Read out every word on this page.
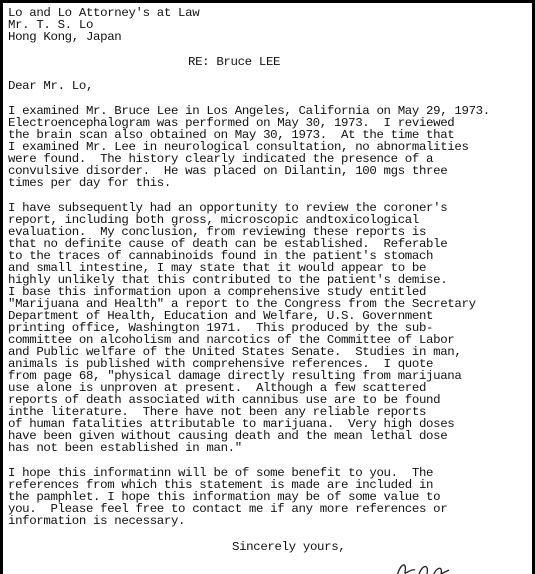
Lo and Lo Attorney's at Law
Mr. T. S. Lo
Hong Kong, Japan
RE: Bruce LEE
Dear Mr. Lo,
I examined Mr. Bruce Lee in Los Angeles, California on May 29, 1973.
Electroencephalogram was performed on May 30, 1973.  I reviewed
the brain scan also obtained on May 30, 1973.  At the time that
I examined Mr. Lee in neurological consultation, no abnormalities
were found.  The history clearly indicated the presence of a
convulsive disorder.  He was placed on Dilantin, 100 mgs three
times per day for this.
I have subsequently had an opportunity to review the coroner's
report, including both gross, microscopic andtoxicological
evaluation.  My conclusion, from reviewing these reports is
that no definite cause of death can be established.  Referable
to the traces of cannabinoids found in the patient's stomach
and small intestine, I may state that it would appear to be
highly unlikely that this contributed to the patient's demise.
I base this information upon a comprehensive study entitled
"Marijuana and Health" a report to the Congress from the Secretary
Department of Health, Education and Welfare, U.S. Government
printing office, Washington 1971.  This produced by the sub-
committee on alcoholism and narcotics of the Committee of Labor
and Public welfare of the United States Senate.  Studies in man,
animals is published with comprehensive references.  I quote
from page 68, "physical damage directly resulting from marijuana
use alone is unproven at present.  Although a few scattered
reports of death associated with cannibus use are to be found
inthe literature.  There have not been any reliable reports
of human fatalities attributable to marijuana.  Very high doses
have been given without causing death and the mean lethal dose
has not been established in man."
I hope this informatinn will be of some benefit to you.  The
references from which this statement is made are included in
the pamphlet. I hope this information may be of some value to
you.  Please feel free to contact me if any more references or
information is necessary.
Sincerely yours,
